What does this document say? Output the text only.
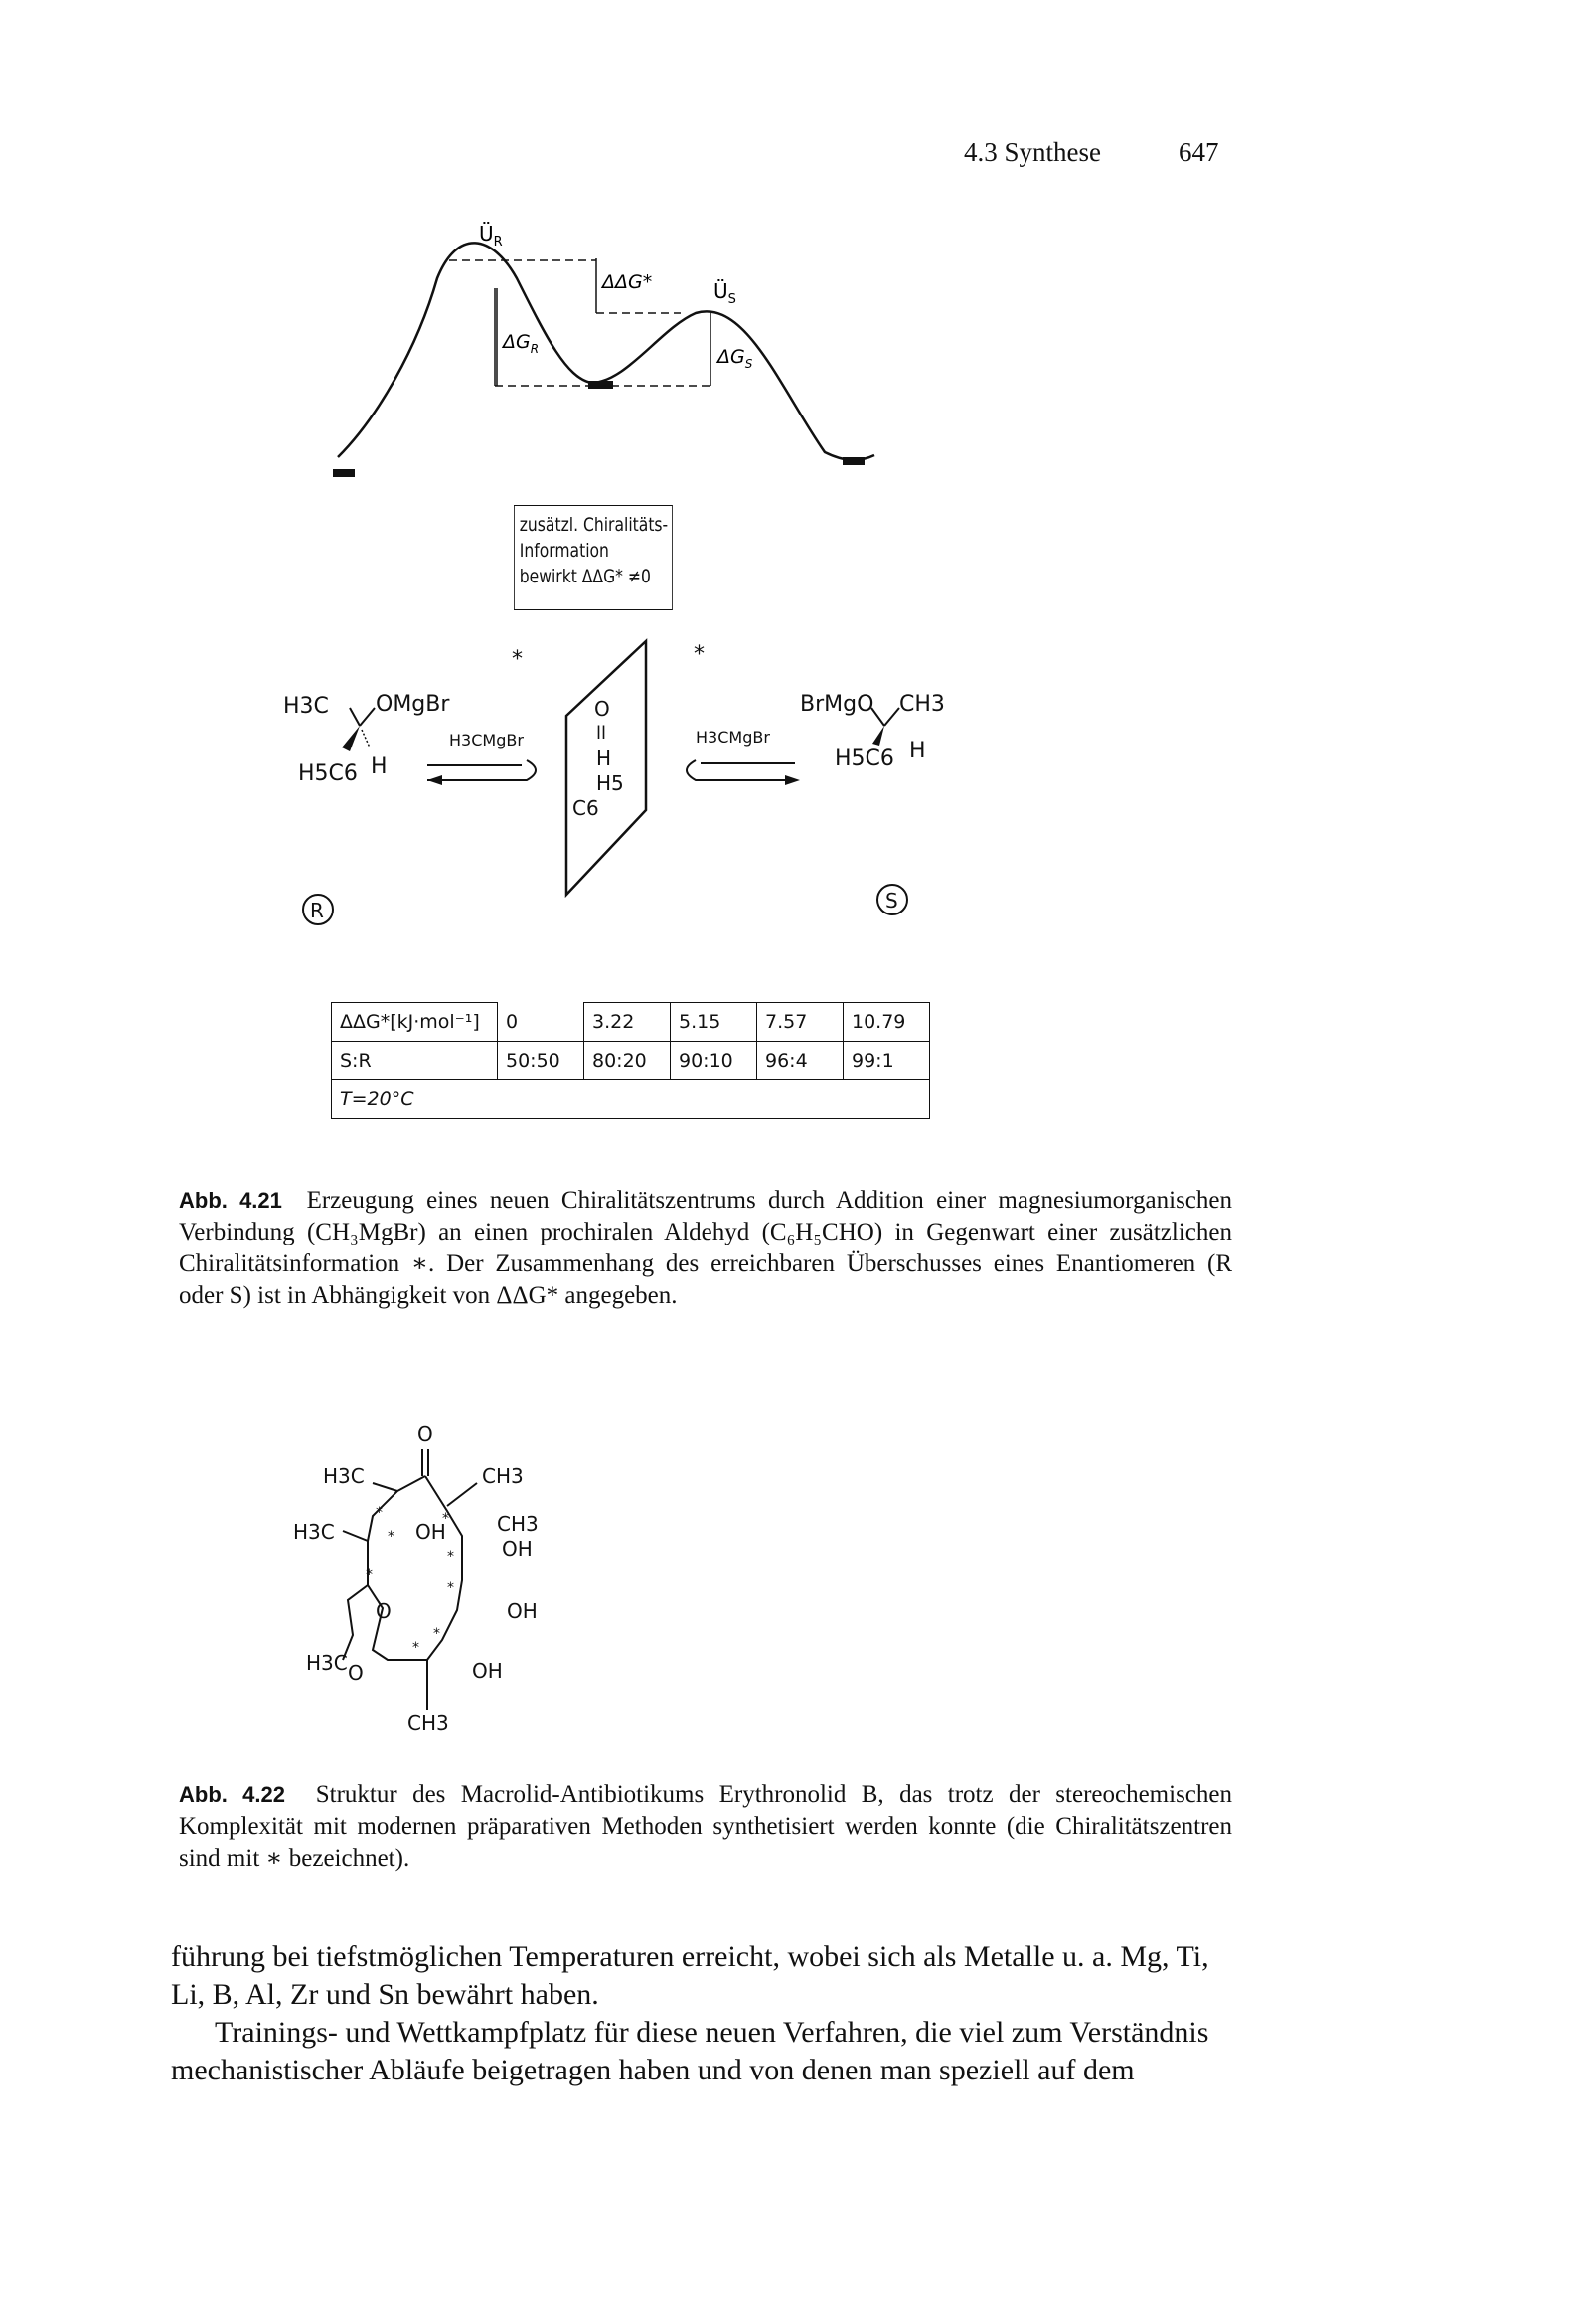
4.3 Synthese	647
$Ü_R$
ΔΔG*	$Ü_S$
$\Delta G_R$	$\Delta G_S$
zusätzl. Chiralitäts-
Information
bewirkt ΔΔG* ≠0
*	*
H3C OMgBr
H5C6 H
H3CMgBr
O
ll
H
H5
C6
H3CMgBr
BrMgO CH3
H5C6 H
R	S
ΔΔG*[kJ·mol⁻¹]	0	3.22	5.15	7.57	10.79
S:R	50:50	80:20	90:10	96:4	99:1
T=20°C					
Abb. 4.21 Erzeugung eines neuen Chiralitätszentrums durch Addition einer magnesiumorganischen Verbindung (CH₃MgBr) an einen prochiralen Aldehyd (C₆H₅CHO) in Gegenwart einer zusätzlichen Chiralitätsinformation ∗. Der Zusammenhang des erreichbaren Überschusses eines Enantiomeren (R oder S) ist in Abhängigkeit von ΔΔG* angegeben.
O
H3C	CH3
H3C	OH	CH3
OH
OH
O
H3C O	OH
CH3
*
*
*
*
*
*
*
*
Abb. 4.22 Struktur des Macrolid-Antibiotikums Erythronolid B, das trotz der stereochemischen Komplexität mit modernen präparativen Methoden synthetisiert werden konnte (die Chiralitätszentren sind mit ∗ bezeichnet).

führung bei tiefstmöglichen Temperaturen erreicht, wobei sich als Metalle u. a. Mg, Ti, Li, B, Al, Zr und Sn bewährt haben.

Trainings- und Wettkampfplatz für diese neuen Verfahren, die viel zum Verständnis mechanistischer Abläufe beigetragen haben und von denen man speziell auf dem
